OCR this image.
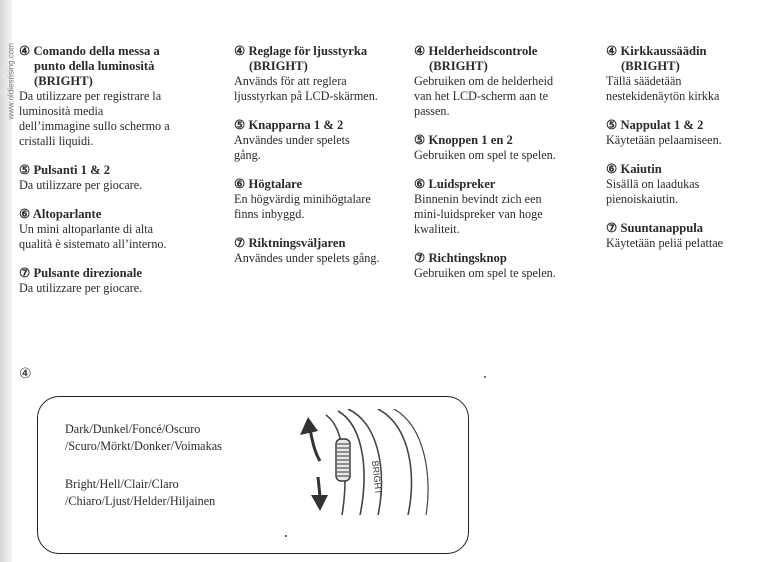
www.oldiesrising.com ④ Comando della messa a
punto della luminosità
(BRIGHT)
Da utilizzare per registrare la
luminosità media
dell’immagine sullo schermo a
cristalli liquidi.
⑤ Pulsanti 1 & 2
Da utilizzare per giocare.
⑥ Altoparlante
Un mini altoparlante di alta
qualità è sistemato all’interno.
⑦ Pulsante direzionale
Da utilizzare per giocare.
④ Reglage för ljusstyrka
(BRIGHT)
Används för att reglera
ljusstyrkan på LCD-skärmen.
⑤ Knapparna 1 & 2
Användes under spelets
gång.
⑥ Högtalare
En högvärdig minihögtalare
finns inbyggd.
⑦ Riktningsväljaren
Användes under spelets gång.
④ Helderheidscontrole
(BRIGHT)
Gebruiken om de helderheid
van het LCD-scherm aan te
passen.
⑤ Knoppen 1 en 2
Gebruiken om spel te spelen.
⑥ Luidspreker
Binnenin bevindt zich een
mini-luidspreker van hoge
kwaliteit.
⑦ Richtingsknop
Gebruiken om spel te spelen.
④ Kirkkaussäädin
(BRIGHT)
Tällä säädetään
nestekidenäytön kirkka
⑤ Nappulat 1 & 2
Käytetään pelaamiseen.
⑥ Kaiutin
Sisällä on laadukas
pienoiskaiutin.
⑦ Suuntanappula
Käytetään peliä pelattae
④
Dark/Dunkel/Foncé/Oscuro
/Scuro/Mörkt/Donker/Voimakas
Bright/Hell/Clair/Claro
/Chiaro/Ljust/Helder/Hiljainen
BRIGHT
